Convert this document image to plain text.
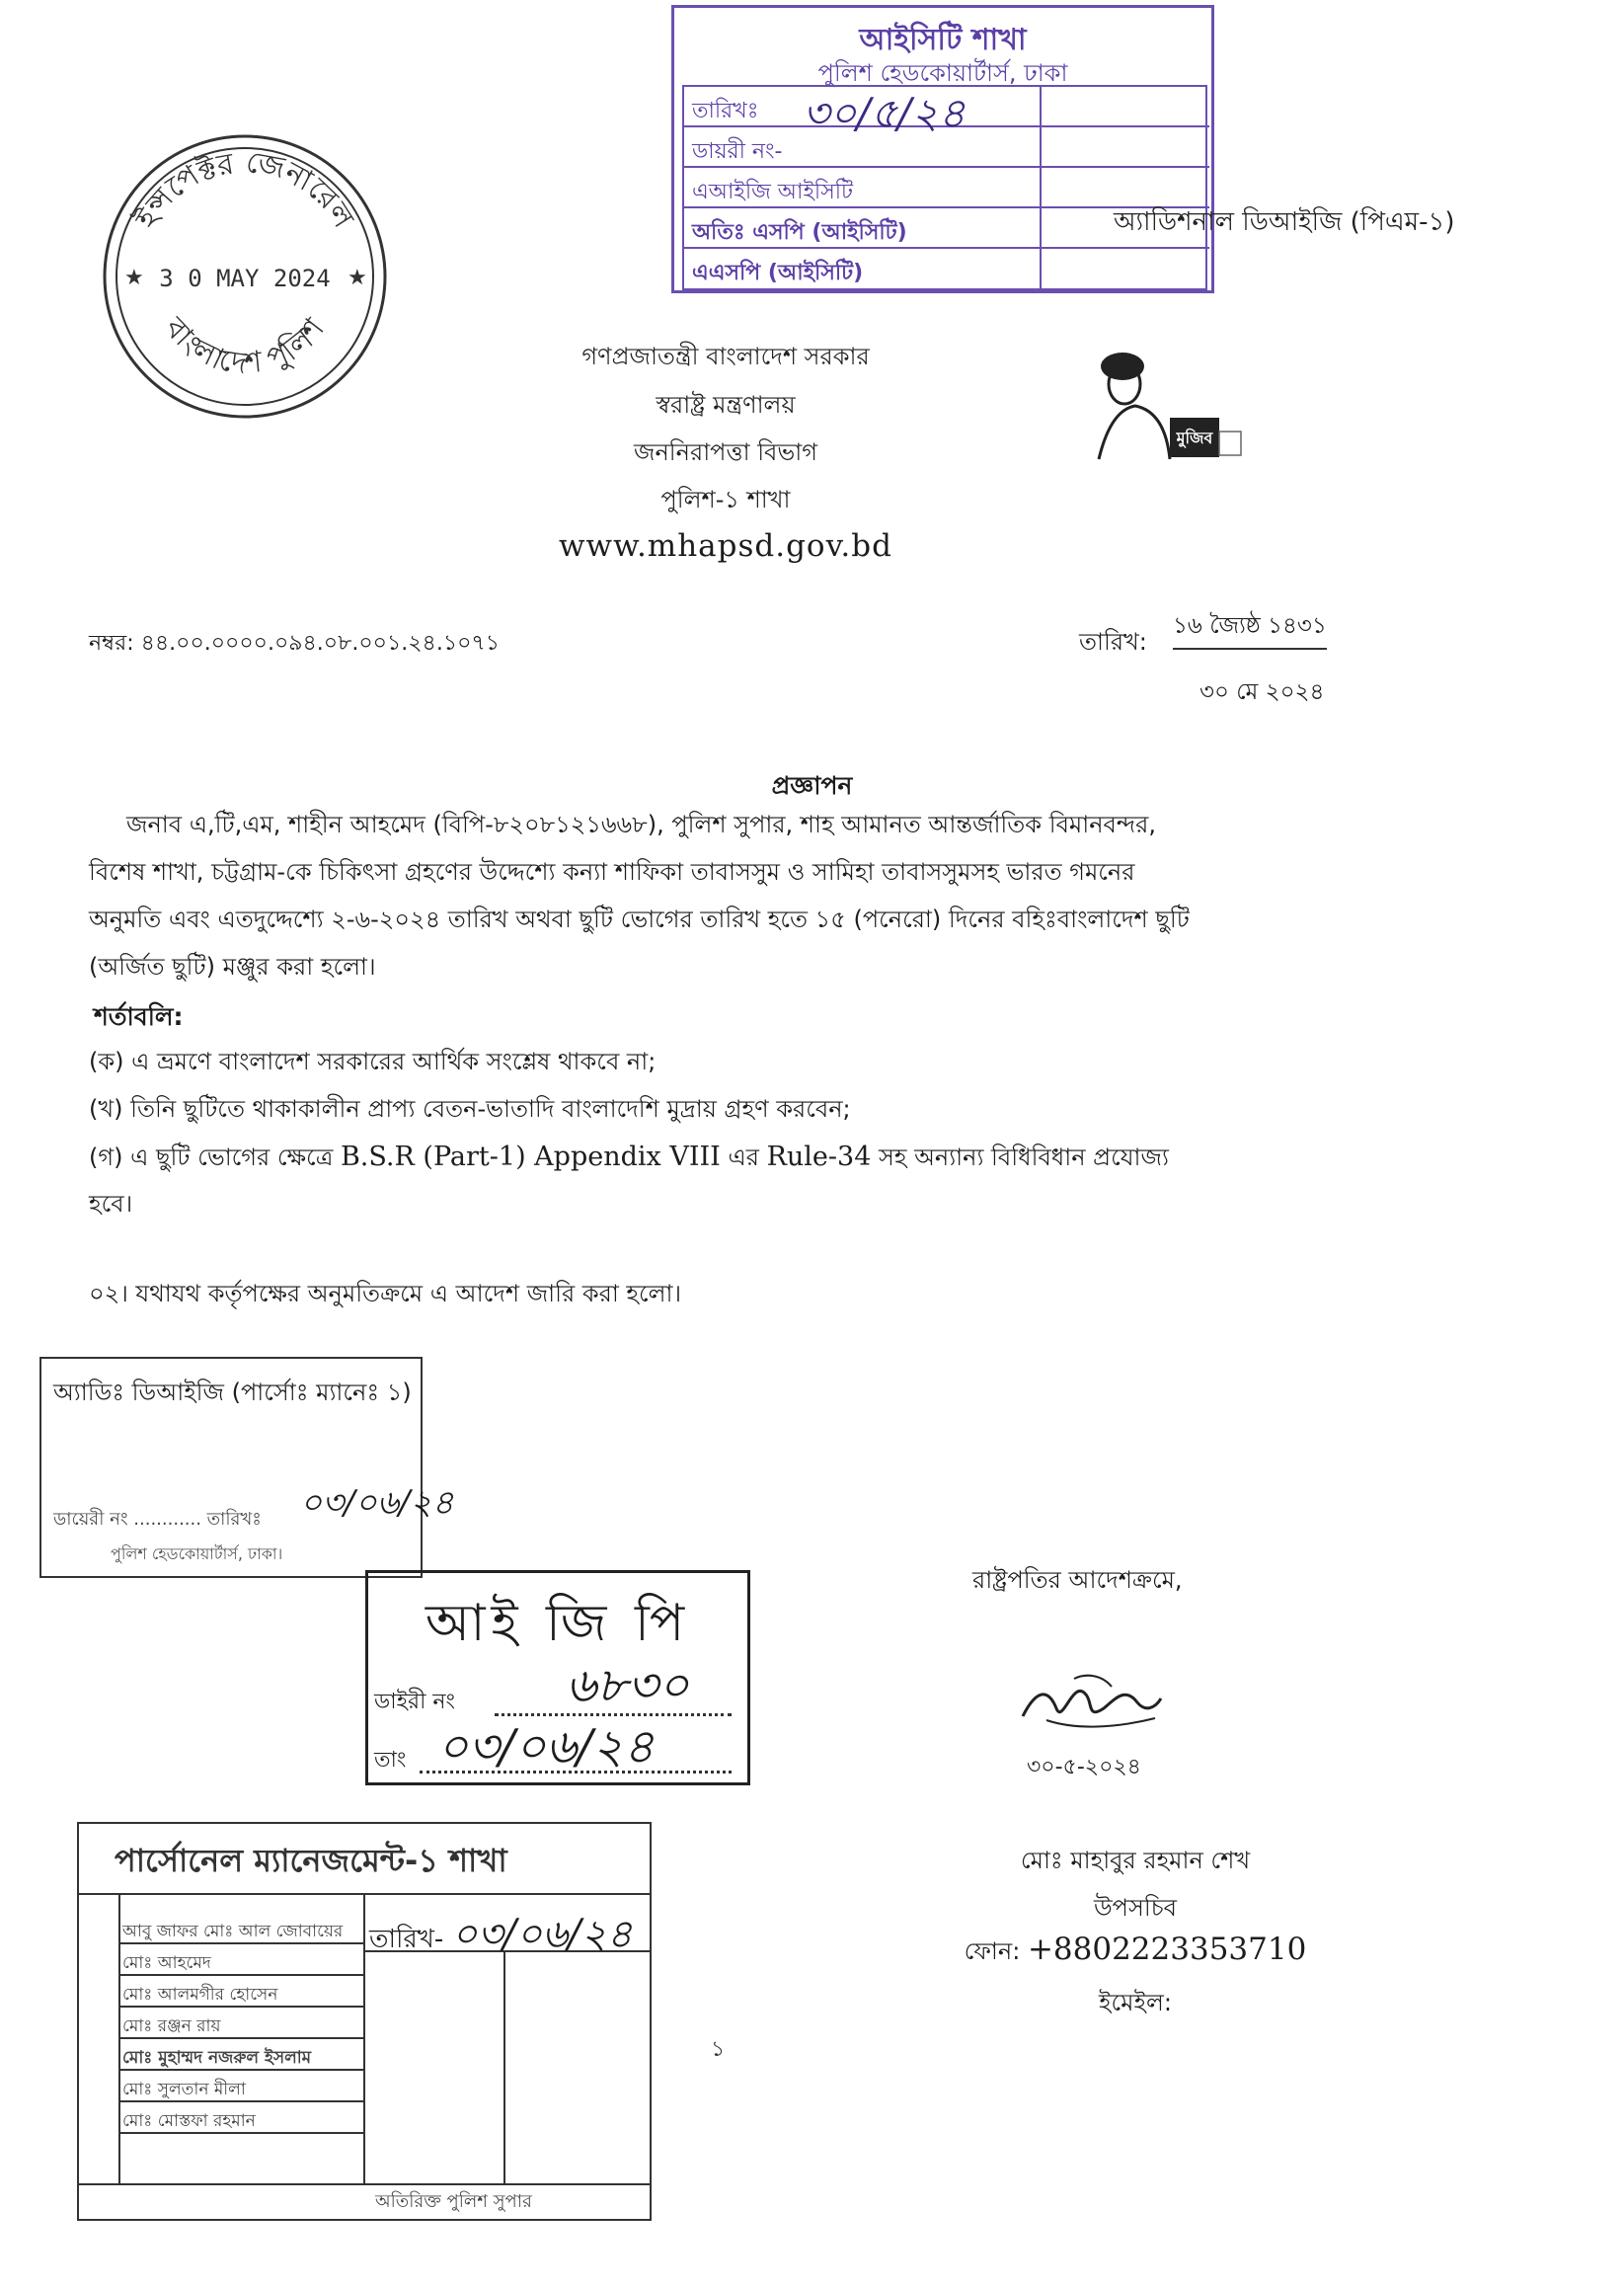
আইসিটি শাখা
পুলিশ হেডকোয়ার্টার্স, ঢাকা
তারিখঃ ৩০/৫/২৪
ডায়রী নং-
এআইজি আইসিটি
অতিঃ এসপি (আইসিটি)
এএসপি (আইসিটি)
অ্যাডিশনাল ডিআইজি (পিএম-১)
ইন্সপেক্টর জেনারেল
বাংলাদেশ পুলিশ
3 0 MAY 2024
★	★
গণপ্রজাতন্ত্রী বাংলাদেশ সরকার
স্বরাষ্ট্র মন্ত্রণালয়
জননিরাপত্তা বিভাগ
পুলিশ-১ শাখা
www.mhapsd.gov.bd
মুজিব
নম্বর: ৪৪.০০.০০০০.০৯৪.০৮.০০১.২৪.১০৭১	তারিখ:
১৬ জ্যৈষ্ঠ ১৪৩১
৩০ মে ২০২৪
প্রজ্ঞাপন
জনাব এ,টি,এম, শাহীন আহমেদ (বিপি-৮২০৮১২১৬৬৮), পুলিশ সুপার, শাহ আমানত আন্তর্জাতিক বিমানবন্দর,
বিশেষ শাখা, চট্টগ্রাম-কে চিকিৎসা গ্রহণের উদ্দেশ্যে কন্যা শাফিকা তাবাসসুম ও সামিহা তাবাসসুমসহ ভারত গমনের
অনুমতি এবং এতদুদ্দেশ্যে ২-৬-২০২৪ তারিখ অথবা ছুটি ভোগের তারিখ হতে ১৫ (পনেরো) দিনের বহিঃবাংলাদেশ ছুটি
(অর্জিত ছুটি) মঞ্জুর করা হলো।
শর্তাবলি:
(ক) এ ভ্রমণে বাংলাদেশ সরকারের আর্থিক সংশ্লেষ থাকবে না;
(খ) তিনি ছুটিতে থাকাকালীন প্রাপ্য বেতন-ভাতাদি বাংলাদেশি মুদ্রায় গ্রহণ করবেন;
(গ) এ ছুটি ভোগের ক্ষেত্রে B.S.R (Part-1) Appendix VIII এর Rule-34 সহ অন্যান্য বিধিবিধান প্রযোজ্য
হবে।
০২। যথাযথ কর্তৃপক্ষের অনুমতিক্রমে এ আদেশ জারি করা হলো।
অ্যাডিঃ ডিআইজি (পার্সোঃ ম্যানেঃ ১)
ডায়েরী নং ............ তারিখঃ ০৩/০৬/২৪
পুলিশ হেডকোয়ার্টার্স, ঢাকা।
আই জি পি
ডাইরী নং ৬৮৩০
তাং ০৩/০৬/২৪
পার্সোনেল ম্যানেজমেন্ট-১ শাখা
তারিখ- ০৩/০৬/২৪
আবু জাফর মোঃ আল জোবায়ের
মোঃ আহমেদ
মোঃ আলমগীর হোসেন
মোঃ রঞ্জন রায়
মোঃ মুহাম্মদ নজরুল ইসলাম
মোঃ সুলতান মীলা
মোঃ মোস্তফা রহমান
অতিরিক্ত পুলিশ সুপার
রাষ্ট্রপতির আদেশক্রমে,
৩০-৫-২০২৪
মোঃ মাহাবুর রহমান শেখ
উপসচিব
ফোন: +8802223353710
ইমেইল:
১
